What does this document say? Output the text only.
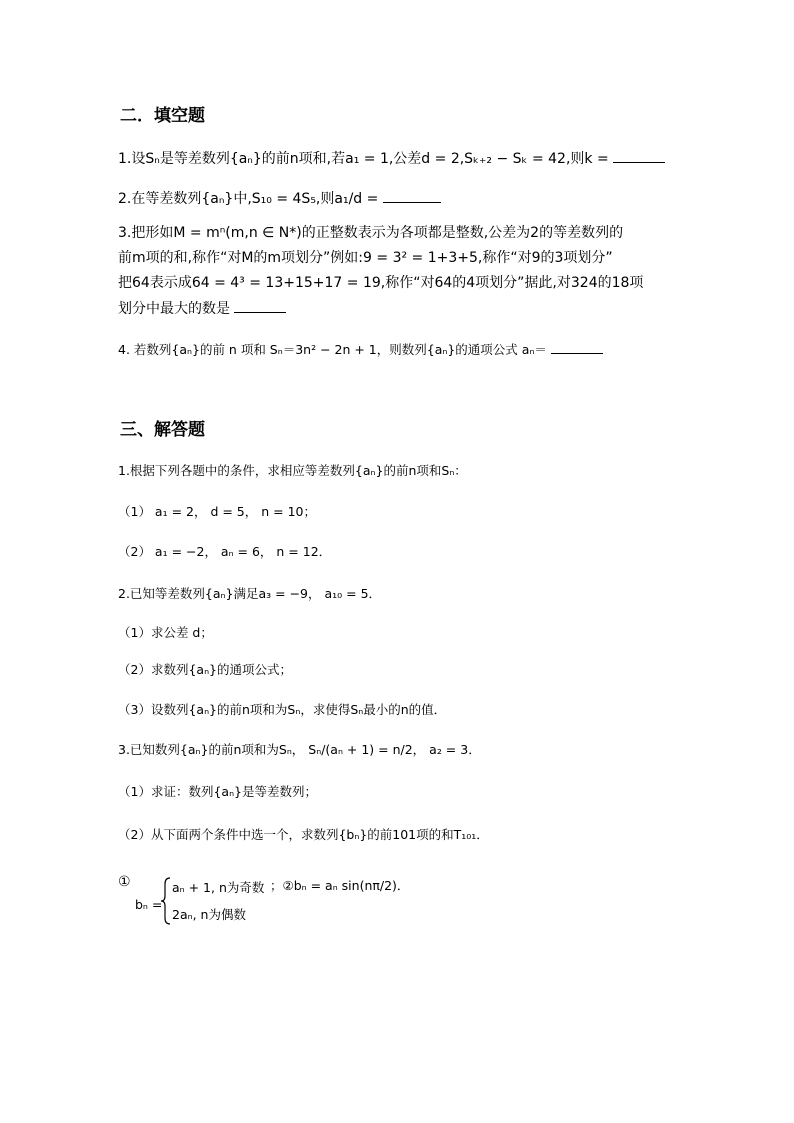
二．填空题
1.设Sₙ是等差数列{aₙ}的前n项和,若a₁ = 1,公差d = 2,Sₖ₊₂ − Sₖ = 42,则k =
2.在等差数列{aₙ}中,S₁₀ = 4S₅,则a₁/d =
3.把形如M = mⁿ(m,n ∈ N*)的正整数表示为各项都是整数,公差为2的等差数列的
前m项的和,称作“对M的m项划分”例如:9 = 3² = 1+3+5,称作“对9的3项划分”
把64表示成64 = 4³ = 13+15+17 = 19,称作“对64的4项划分”据此,对324的18项
划分中最大的数是
4. 若数列{aₙ}的前 n 项和 Sₙ＝3n² − 2n + 1，则数列{aₙ}的通项公式 aₙ＝
三、解答题
1.根据下列各题中的条件，求相应等差数列{aₙ}的前n项和Sₙ：
（1） a₁ = 2， d = 5， n = 10；
（2） a₁ = −2， aₙ = 6， n = 12．
2.已知等差数列{aₙ}满足a₃ = −9， a₁₀ = 5．
（1）求公差 d；
（2）求数列{aₙ}的通项公式；
（3）设数列{aₙ}的前n项和为Sₙ，求使得Sₙ最小的n的值．
3.已知数列{aₙ}的前n项和为Sₙ， Sₙ/(aₙ + 1) = n/2， a₂ = 3．
（1）求证：数列{aₙ}是等差数列；
（2）从下面两个条件中选一个，求数列{bₙ}的前101项的和T₁₀₁．
①
bₙ =
aₙ + 1, n为奇数
2aₙ, n为偶数
；②bₙ = aₙ sin(nπ/2)．
